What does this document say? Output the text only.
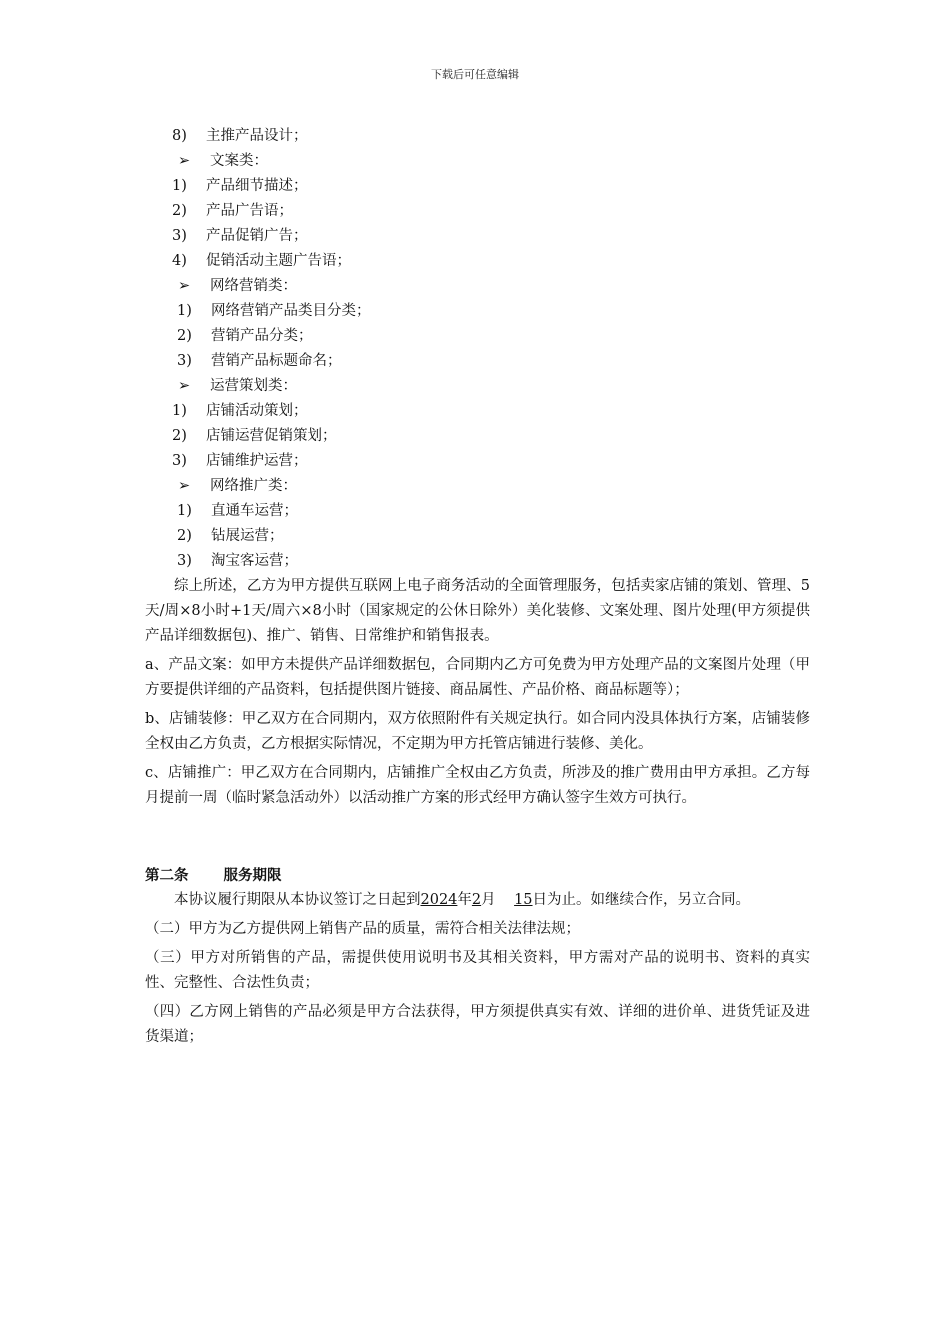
下载后可任意编辑
8) 主推产品设计；
➢ 文案类：
1) 产品细节描述；
2) 产品广告语；
3) 产品促销广告；
4) 促销活动主题广告语；
➢ 网络营销类：
1) 网络营销产品类目分类；
2) 营销产品分类；
3) 营销产品标题命名；
➢ 运营策划类：
1) 店铺活动策划；
2) 店铺运营促销策划；
3) 店铺维护运营；
➢ 网络推广类：
1) 直通车运营；
2) 钻展运营；
3) 淘宝客运营；

综上所述，乙方为甲方提供互联网上电子商务活动的全面管理服务，包括卖家店铺的策划、管理、5天/周×8小时+1天/周六×8小时（国家规定的公休日除外）美化装修、文案处理、图片处理(甲方须提供产品详细数据包)、推广、销售、日常维护和销售报表。

a、产品文案：如甲方未提供产品详细数据包，合同期内乙方可免费为甲方处理产品的文案图片处理（甲方要提供详细的产品资料，包括提供图片链接、商品属性、产品价格、商品标题等）；

b、店铺装修：甲乙双方在合同期内，双方依照附件有关规定执行。如合同内没具体执行方案，店铺装修全权由乙方负责，乙方根据实际情况，不定期为甲方托管店铺进行装修、美化。

c、店铺推广：甲乙双方在合同期内，店铺推广全权由乙方负责，所涉及的推广费用由甲方承担。乙方每月提前一周（临时紧急活动外）以活动推广方案的形式经甲方确认签字生效方可执行。

第二条 服务期限

本协议履行期限从本协议签订之日起到2024年2月 15日为止。如继续合作，另立合同。

（二）甲方为乙方提供网上销售产品的质量，需符合相关法律法规；

（三）甲方对所销售的产品，需提供使用说明书及其相关资料，甲方需对产品的说明书、资料的真实性、完整性、合法性负责；

（四）乙方网上销售的产品必须是甲方合法获得，甲方须提供真实有效、详细的进价单、进货凭证及进货渠道；
